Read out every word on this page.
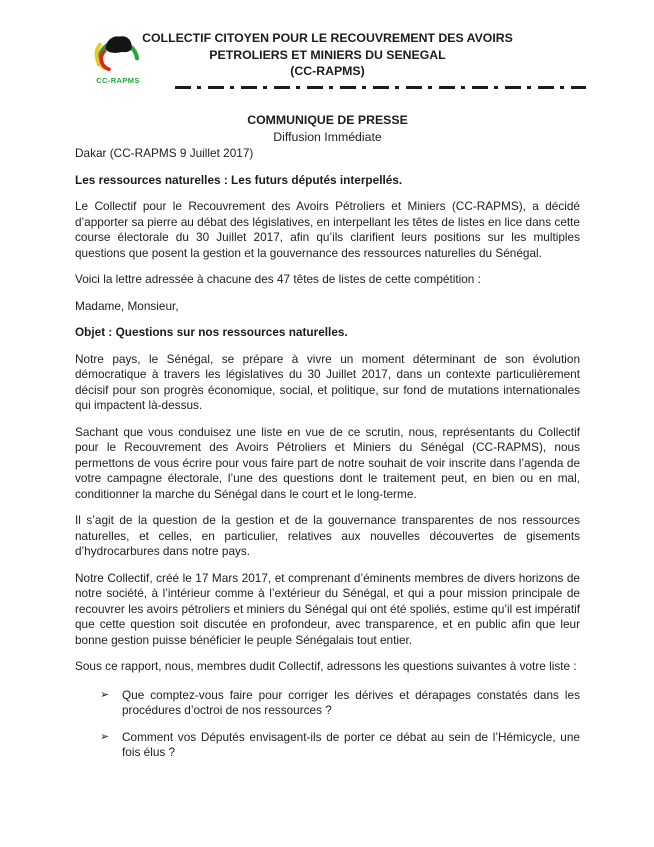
CC-RAPMS
COLLECTIF CITOYEN POUR LE RECOUVREMENT DES AVOIRS
PETROLIERS ET MINIERS DU SENEGAL
(CC-RAPMS)
COMMUNIQUE DE PRESSE
Diffusion Immédiate
Dakar (CC-RAPMS 9 Juillet 2017)

Les ressources naturelles : Les futurs députés interpellés.

Le Collectif pour le Recouvrement des Avoirs Pétroliers et Miniers (CC-RAPMS), a décidé d’apporter sa pierre au débat des législatives, en interpellant les têtes de listes en lice dans cette course électorale du 30 Juillet 2017, afin qu’ils clarifient leurs positions sur les multiples questions que posent la gestion et la gouvernance des ressources naturelles du Sénégal.

Voici la lettre adressée à chacune des 47 têtes de listes de cette compétition :

Madame, Monsieur,

Objet : Questions sur nos ressources naturelles.

Notre pays, le Sénégal, se prépare à vivre un moment déterminant de son évolution démocratique à travers les législatives du 30 Juillet 2017, dans un contexte particulièrement décisif pour son progrès économique, social, et politique, sur fond de mutations internationales qui impactent là-dessus.

Sachant que vous conduisez une liste en vue de ce scrutin, nous, représentants du Collectif pour le Recouvrement des Avoirs Pétroliers et Miniers du Sénégal (CC-RAPMS), nous permettons de vous écrire pour vous faire part de notre souhait de voir inscrite dans l’agenda de votre campagne électorale, l’une des questions dont le traitement peut, en bien ou en mal, conditionner la marche du Sénégal dans le court et le long-terme.

Il s’agit de la question de la gestion et de la gouvernance transparentes de nos ressources naturelles, et celles, en particulier, relatives aux nouvelles découvertes de gisements d’hydrocarbures dans notre pays.

Notre Collectif, créé le 17 Mars 2017, et comprenant d’éminents membres de divers horizons de notre société, à l’intérieur comme à l’extérieur du Sénégal, et qui a pour mission principale de recouvrer les avoirs pétroliers et miniers du Sénégal qui ont été spoliés, estime qu’il est impératif que cette question soit discutée en profondeur, avec transparence, et en public afin que leur bonne gestion puisse bénéficier le peuple Sénégalais tout entier.

Sous ce rapport, nous, membres dudit Collectif, adressons les questions suivantes à votre liste :

➢	Que comptez-vous faire pour corriger les dérives et dérapages constatés dans les procédures d’octroi de nos ressources ?
➢	Comment vos Députés envisagent-ils de porter ce débat au sein de l’Hémicycle, une fois élus ?
